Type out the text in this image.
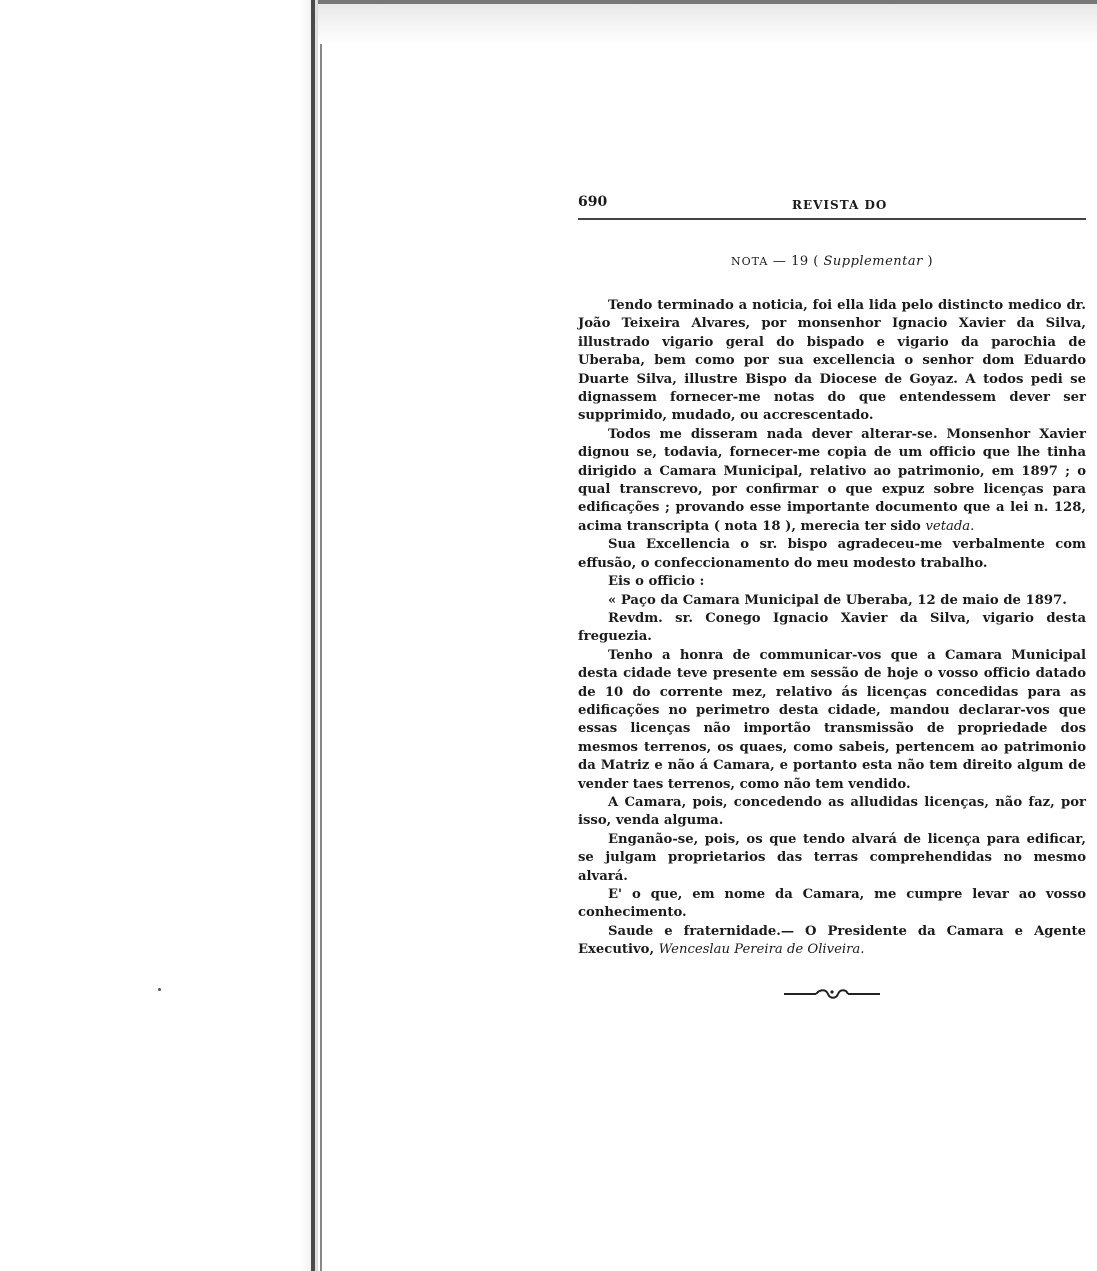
690	REVISTA DO
NOTA — 19 ( Supplementar )

Tendo terminado a noticia, foi ella lida pelo distincto medico dr. João Teixeira Alvares, por monsenhor Ignacio Xavier da Silva, illustrado vigario geral do bispado e vigario da parochia de Uberaba, bem como por sua excellencia o senhor dom Eduardo Duarte Silva, illustre Bispo da Diocese de Goyaz. A todos pedi se dignassem fornecer-me notas do que entendessem dever ser supprimido, mudado, ou accrescentado.

Todos me disseram nada dever alterar-se. Monsenhor Xavier dignou se, todavia, fornecer-me copia de um officio que lhe tinha dirigido a Camara Municipal, relativo ao patrimonio, em 1897 ; o qual transcrevo, por confirmar o que expuz sobre licenças para edificações ; provando esse importante documento que a lei n. 128, acima transcripta ( nota 18 ), merecia ter sido vetada.

Sua Excellencia o sr. bispo agradeceu-me verbalmente com effusão, o confeccionamento do meu modesto trabalho.

Eis o officio :

« Paço da Camara Municipal de Uberaba, 12 de maio de 1897.

Revdm. sr. Conego Ignacio Xavier da Silva, vigario desta freguezia.

Tenho a honra de communicar-vos que a Camara Municipal desta cidade teve presente em sessão de hoje o vosso officio datado de 10 do corrente mez, relativo ás licenças concedidas para as edificações no perimetro desta cidade, mandou declarar-vos que essas licenças não importão transmissão de propriedade dos mesmos terrenos, os quaes, como sabeis, pertencem ao patrimonio da Matriz e não á Camara, e portanto esta não tem direito algum de vender taes terrenos, como não tem vendido.

A Camara, pois, concedendo as alludidas licenças, não faz, por isso, venda alguma.

Enganão-se, pois, os que tendo alvará de licença para edificar, se julgam proprietarios das terras comprehendidas no mesmo alvará.

E' o que, em nome da Camara, me cumpre levar ao vosso conhecimento.

Saude e fraternidade.— O Presidente da Camara e Agente Executivo, Wenceslau Pereira de Oliveira.
